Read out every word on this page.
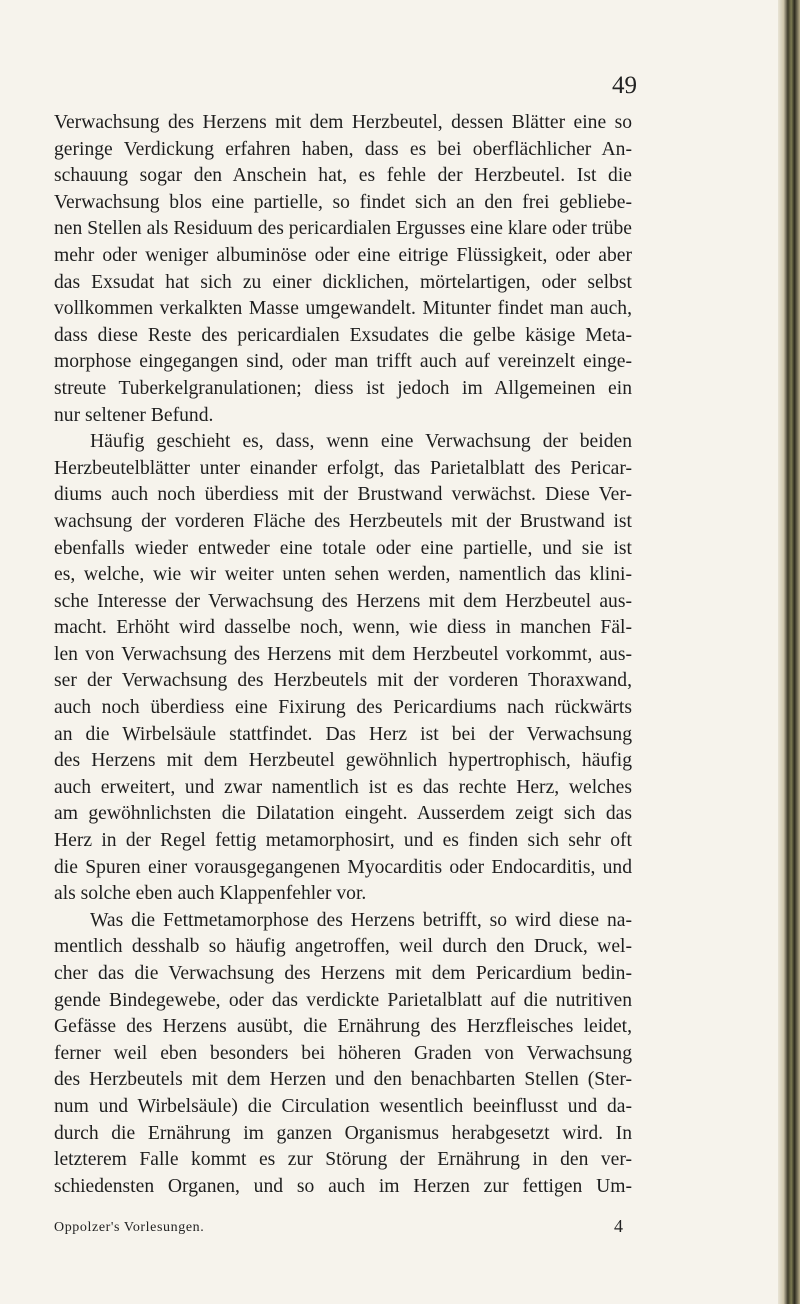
49
Verwachsung des Herzens mit dem Herzbeutel, dessen Blätter eine so
geringe Verdickung erfahren haben, dass es bei oberflächlicher An-
schauung sogar den Anschein hat, es fehle der Herzbeutel. Ist die
Verwachsung blos eine partielle, so findet sich an den frei gebliebe-
nen Stellen als Residuum des pericardialen Ergusses eine klare oder trübe
mehr oder weniger albuminöse oder eine eitrige Flüssigkeit, oder aber
das Exsudat hat sich zu einer dicklichen, mörtelartigen, oder selbst
vollkommen verkalkten Masse umgewandelt. Mitunter findet man auch,
dass diese Reste des pericardialen Exsudates die gelbe käsige Meta-
morphose eingegangen sind, oder man trifft auch auf vereinzelt einge-
streute Tuberkelgranulationen; diess ist jedoch im Allgemeinen ein
nur seltener Befund.
Häufig geschieht es, dass, wenn eine Verwachsung der beiden
Herzbeutelblätter unter einander erfolgt, das Parietalblatt des Pericar-
diums auch noch überdiess mit der Brustwand verwächst. Diese Ver-
wachsung der vorderen Fläche des Herzbeutels mit der Brustwand ist
ebenfalls wieder entweder eine totale oder eine partielle, und sie ist
es, welche, wie wir weiter unten sehen werden, namentlich das klini-
sche Interesse der Verwachsung des Herzens mit dem Herzbeutel aus-
macht. Erhöht wird dasselbe noch, wenn, wie diess in manchen Fäl-
len von Verwachsung des Herzens mit dem Herzbeutel vorkommt, aus-
ser der Verwachsung des Herzbeutels mit der vorderen Thoraxwand,
auch noch überdiess eine Fixirung des Pericardiums nach rückwärts
an die Wirbelsäule stattfindet. Das Herz ist bei der Verwachsung
des Herzens mit dem Herzbeutel gewöhnlich hypertrophisch, häufig
auch erweitert, und zwar namentlich ist es das rechte Herz, welches
am gewöhnlichsten die Dilatation eingeht. Ausserdem zeigt sich das
Herz in der Regel fettig metamorphosirt, und es finden sich sehr oft
die Spuren einer vorausgegangenen Myocarditis oder Endocarditis, und
als solche eben auch Klappenfehler vor.
Was die Fettmetamorphose des Herzens betrifft, so wird diese na-
mentlich desshalb so häufig angetroffen, weil durch den Druck, wel-
cher das die Verwachsung des Herzens mit dem Pericardium bedin-
gende Bindegewebe, oder das verdickte Parietalblatt auf die nutritiven
Gefässe des Herzens ausübt, die Ernährung des Herzfleisches leidet,
ferner weil eben besonders bei höheren Graden von Verwachsung
des Herzbeutels mit dem Herzen und den benachbarten Stellen (Ster-
num und Wirbelsäule) die Circulation wesentlich beeinflusst und da-
durch die Ernährung im ganzen Organismus herabgesetzt wird. In
letzterem Falle kommt es zur Störung der Ernährung in den ver-
schiedensten Organen, und so auch im Herzen zur fettigen Um-
Oppolzer's Vorlesungen.	4
